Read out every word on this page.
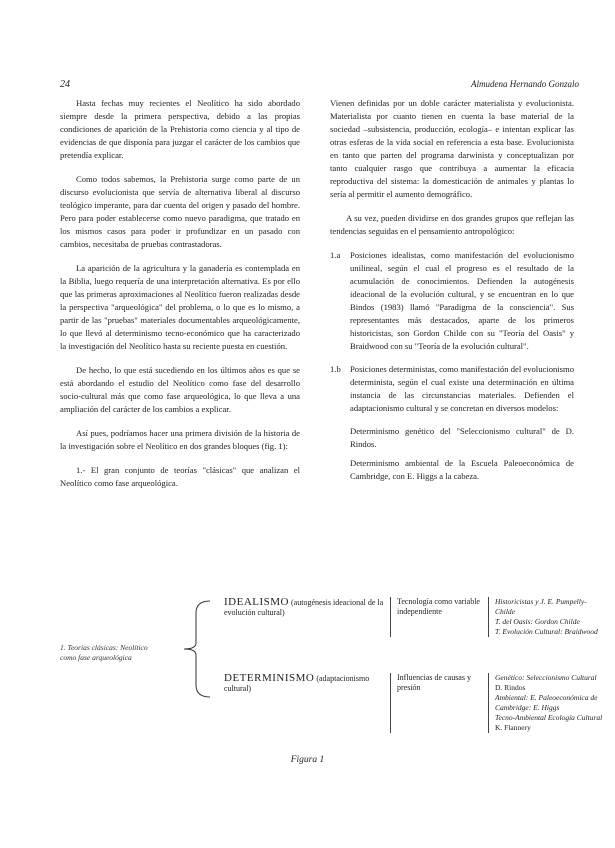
24	Almudena Hernando Gonzalo

Hasta fechas muy recientes el Neolítico ha sido abordado siempre desde la primera perspectiva, debido a las propias condiciones de aparición de la Prehistoria como ciencia y al tipo de evidencias de que disponía para juzgar el carácter de los cambios que pretendía explicar.

Como todos sabemos, la Prehistoria surge como parte de un discurso evolucionista que servía de alternativa liberal al discurso teológico imperante, para dar cuenta del origen y pasado del hombre. Pero para poder establecerse como nuevo paradigma, que tratado en los mismos casos para poder ir profundizar en un pasado con cambios, necesitaba de pruebas contrastadoras.

La aparición de la agricultura y la ganadería es contemplada en la Biblia, luego requería de una interpretación alternativa. Es por ello que las primeras aproximaciones al Neolítico fueron realizadas desde la perspectiva "arqueológica" del problema, o lo que es lo mismo, a partir de las "pruebas" materiales documentables arqueológicamente, lo que llevó al determinismo tecno-económico que ha caracterizado la investigación del Neolítico hasta su reciente puesta en cuestión.

De hecho, lo que está sucediendo en los últimos años es que se está abordando el estudio del Neolítico como fase del desarrollo socio-cultural más que como fase arqueológica, lo que lleva a una ampliación del carácter de los cambios a explicar.

Así pues, podríamos hacer una primera división de la historia de la investigación sobre el Neolítico en dos grandes bloques (fig. 1):

1.- El gran conjunto de teorías "clásicas" que analizan el Neolítico como fase arqueológica.

Vienen definidas por un doble carácter materialista y evolucionista. Materialista por cuanto tienen en cuenta la base material de la sociedad –subsistencia, producción, ecología– e intentan explicar las otras esferas de la vida social en referencia a esta base. Evolucionista en tanto que parten del programa darwinista y conceptualizan por tanto cualquier rasgo que contribuya a aumentar la eficacia reproductiva del sistema: la domesticación de animales y plantas lo sería al permitir el aumento demográfico.

A su vez, pueden dividirse en dos grandes grupos que reflejan las tendencias seguidas en el pensamiento antropológico:

1.a	Posiciones idealistas, como manifestación del evolucionismo unilineal, según el cual el progreso es el resultado de la acumulación de conocimientos. Defienden la autogénesis ideacional de la evolución cultural, y se encuentran en lo que Bindos (1983) llamó "Paradigma de la consciencia". Sus representantes más destacados, aparte de los primeros historicistas, son Gordon Childe con su "Teoría del Oasis" y Braidwood con su "Teoría de la evolución cultural".
1.b	Posiciones deterministas, como manifestación del evolucionismo determinista, según el cual existe una determinación en última instancia de las circunstancias materiales. Defienden el adaptacionismo cultural y se concretan en diversos modelos:
Determinismo genético del "Seleccionismo cultural" de D. Rindos.
Determinismo ambiental de la Escuela Paleoeconómica de Cambridge, con E. Higgs a la cabeza.
1. Teorías clásicas: Neolítico como fase arqueológica
IDEALISMO (autogénesis ideacional de la evolución cultural)
Tecnología como variable independiente
Historicistas y J. E. Pumpelly-Childe
T. del Oasis: Gordon Childe
T. Evolución Cultural: Braidwood
DETERMINISMO (adaptacionismo cultural)
Influencias de causas y presión
Genético: Seleccionismo Cultural
D. Rindos
Ambiental: E. Paleoeconómica de Cambridge: E. Higgs
Tecno-Ambiental Ecología Cultural
K. Flannery
Figura 1
